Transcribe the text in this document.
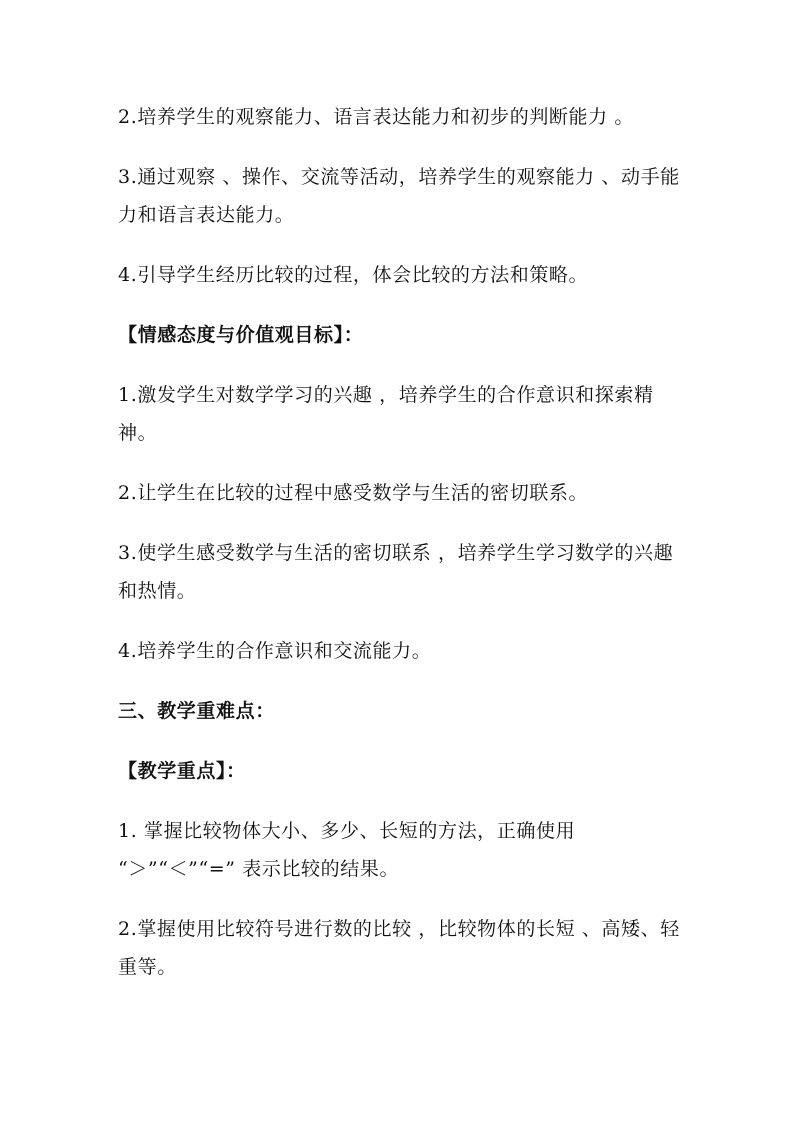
2.培养学生的观察能力、语言表达能力和初步的判断能力 。

3.通过观察 、操作、交流等活动，培养学生的观察能力 、动手能力和语言表达能力。

4.引导学生经历比较的过程，体会比较的方法和策略。

【情感态度与价值观目标】：

1.激发学生对数学学习的兴趣 ，培养学生的合作意识和探索精神。

2.让学生在比较的过程中感受数学与生活的密切联系。

3.使学生感受数学与生活的密切联系 ，培养学生学习数学的兴趣和热情。

4.培养学生的合作意识和交流能力。

三、教学重难点：

【教学重点】：

1. 掌握比较物体大小、多少、长短的方法，正确使用 “＞”“＜”“=” 表示比较的结果。

2.掌握使用比较符号进行数的比较 ，比较物体的长短 、高矮、轻重等。
